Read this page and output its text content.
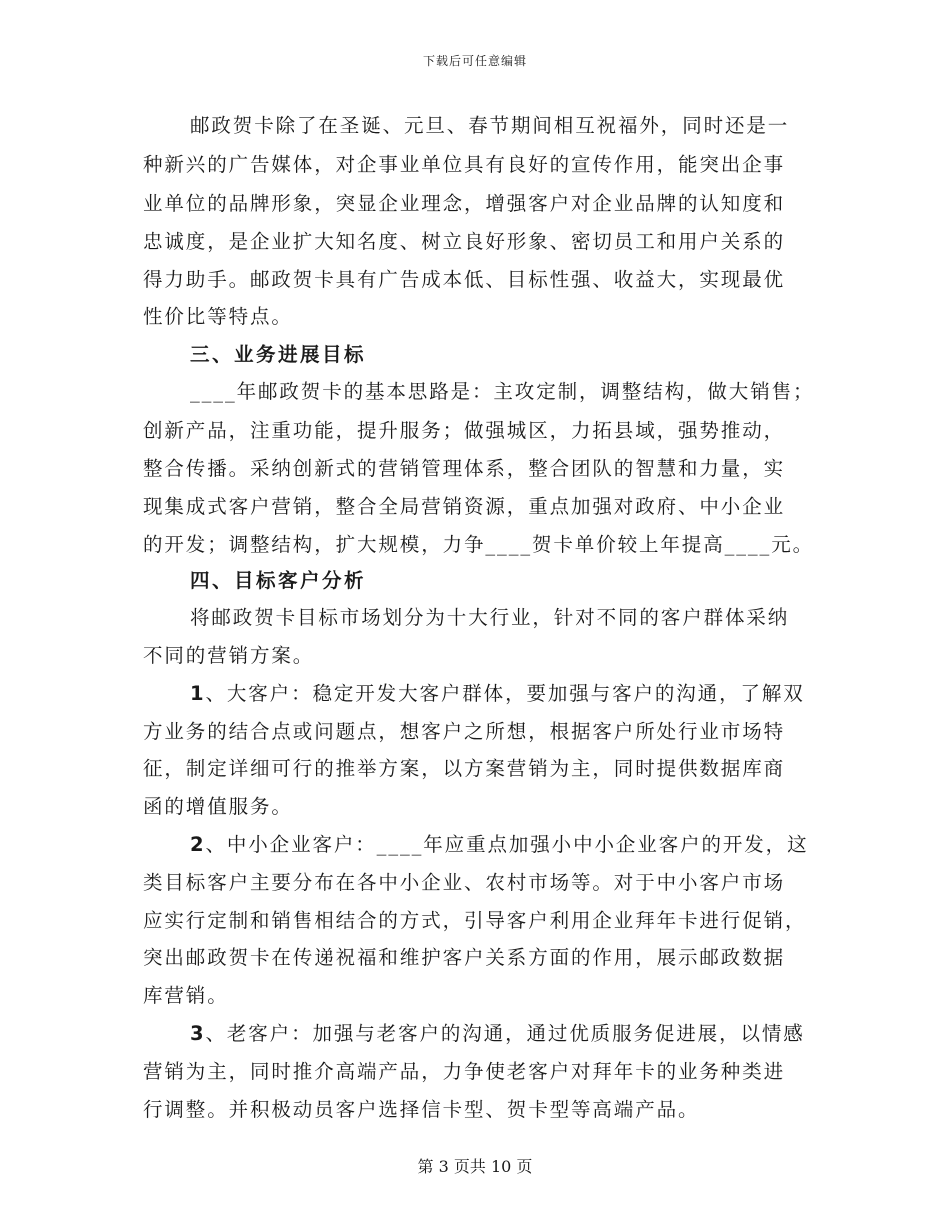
下载后可任意编辑
邮政贺卡除了在圣诞、元旦、春节期间相互祝福外，同时还是一
种新兴的广告媒体，对企事业单位具有良好的宣传作用，能突出企事
业单位的品牌形象，突显企业理念，增强客户对企业品牌的认知度和
忠诚度，是企业扩大知名度、树立良好形象、密切员工和用户关系的
得力助手。邮政贺卡具有广告成本低、目标性强、收益大，实现最优
性价比等特点。
三、业务进展目标
____年邮政贺卡的基本思路是：主攻定制，调整结构，做大销售；
创新产品，注重功能，提升服务；做强城区，力拓县域，强势推动，
整合传播。采纳创新式的营销管理体系，整合团队的智慧和力量，实
现集成式客户营销，整合全局营销资源，重点加强对政府、中小企业
的开发；调整结构，扩大规模，力争____贺卡单价较上年提高____元。
四、目标客户分析
将邮政贺卡目标市场划分为十大行业，针对不同的客户群体采纳
不同的营销方案。
1、大客户：稳定开发大客户群体，要加强与客户的沟通，了解双
方业务的结合点或问题点，想客户之所想，根据客户所处行业市场特
征，制定详细可行的推举方案，以方案营销为主，同时提供数据库商
函的增值服务。
2、中小企业客户：____年应重点加强小中小企业客户的开发，这
类目标客户主要分布在各中小企业、农村市场等。对于中小客户市场
应实行定制和销售相结合的方式，引导客户利用企业拜年卡进行促销，
突出邮政贺卡在传递祝福和维护客户关系方面的作用，展示邮政数据
库营销。
3、老客户：加强与老客户的沟通，通过优质服务促进展，以情感
营销为主，同时推介高端产品，力争使老客户对拜年卡的业务种类进
行调整。并积极动员客户选择信卡型、贺卡型等高端产品。
第 3 页共 10 页
